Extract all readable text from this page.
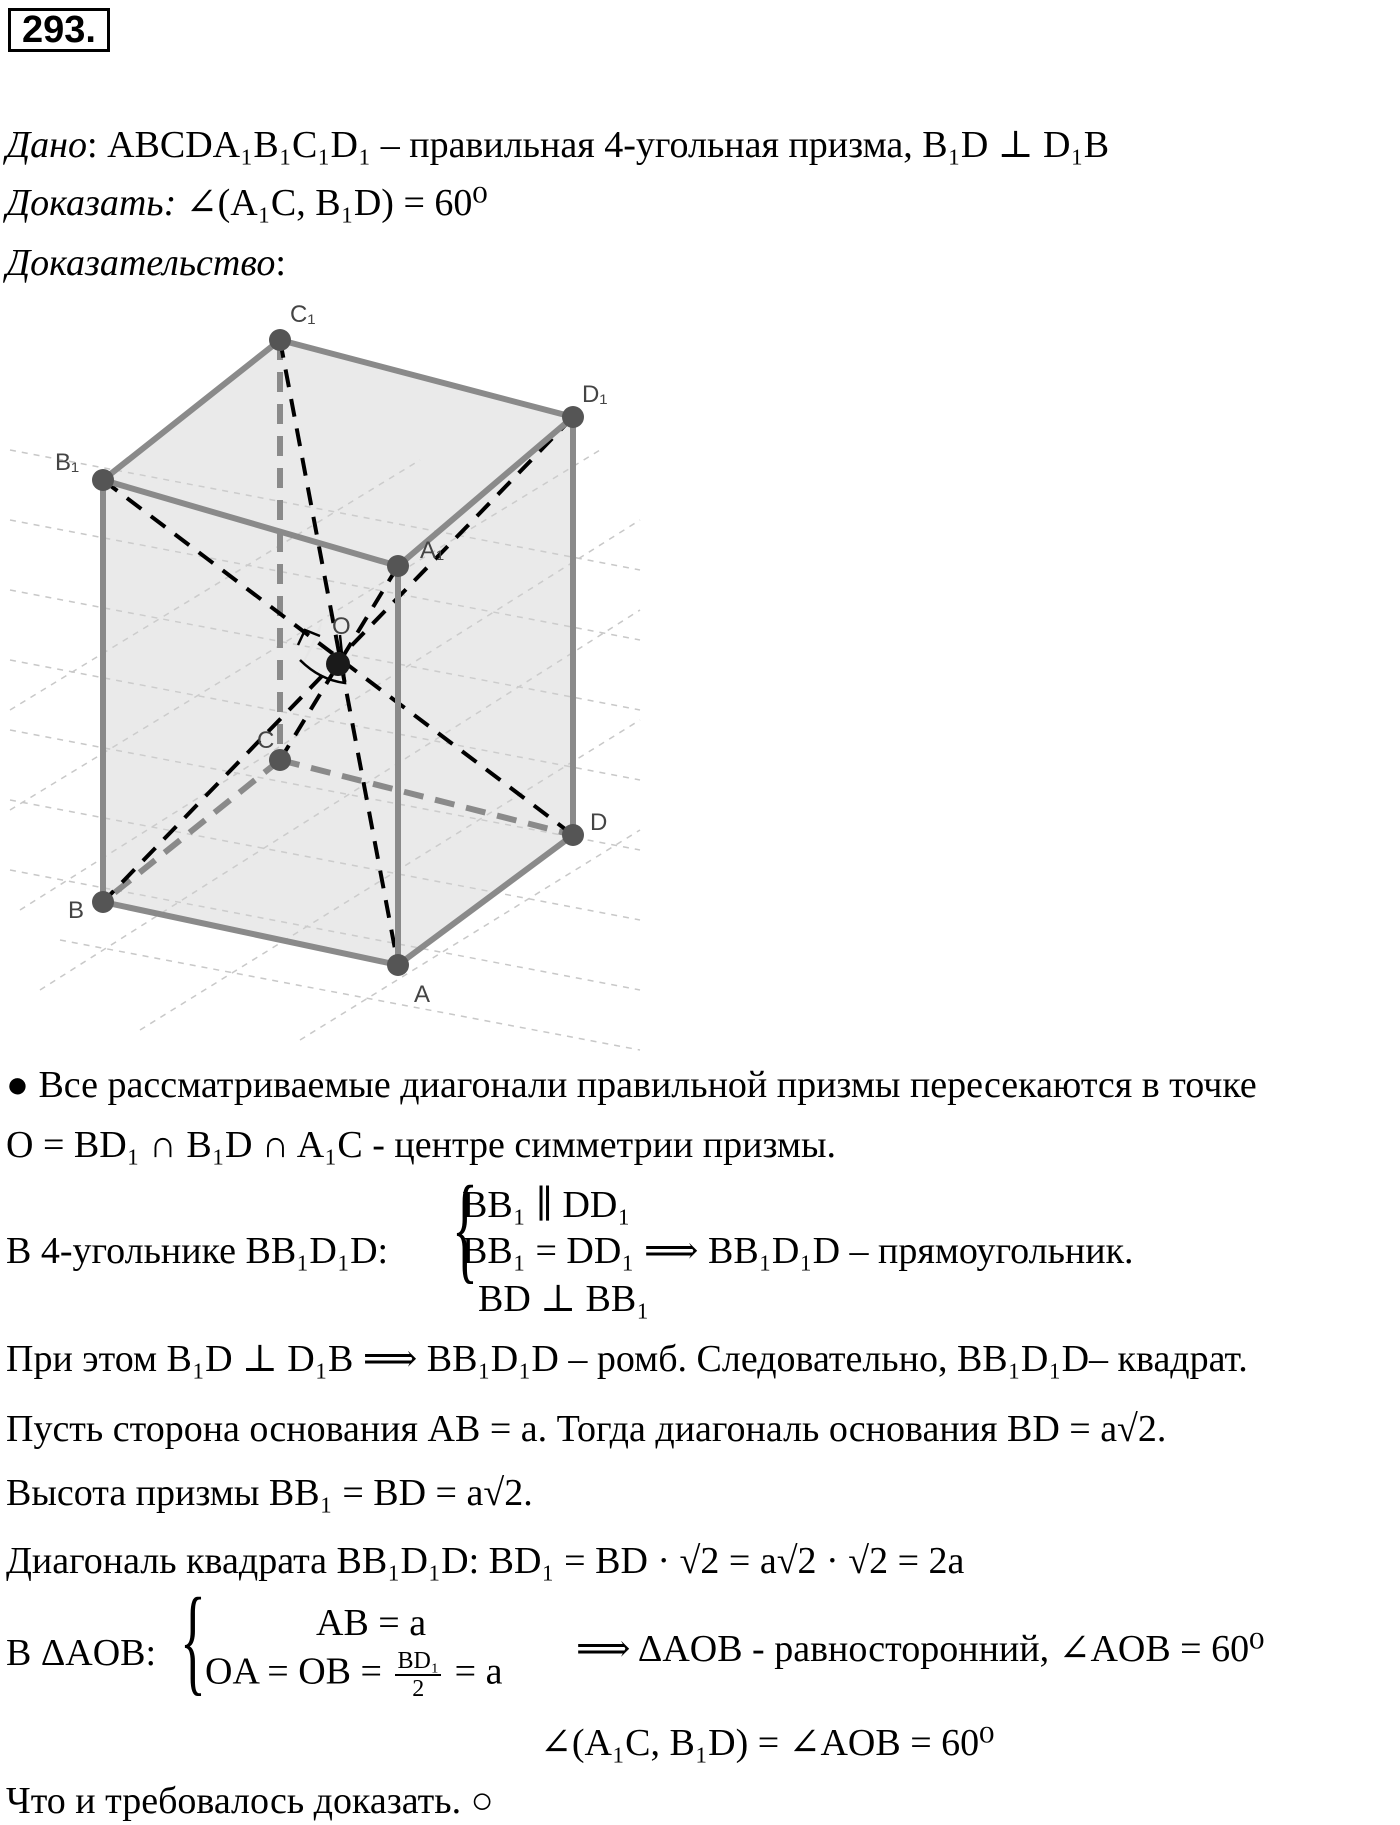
293.
Дано: ABCDA₁B₁C₁D₁ – правильная 4-угольная призма, B₁D ⊥ D₁B
Доказать: ∠(A₁C, B₁D) = 60⁰
Доказательство:
C₁
D₁
B₁
A₁
O
C
D
B
A
● Все рассматриваемые диагонали правильной призмы пересекаются в точке
O = BD₁ ∩ B₁D ∩ A₁C - центре симметрии призмы.
В 4-угольнике BB₁D₁D: {
BB₁ ∥ DD₁
BB₁ = DD₁ ⟹ BB₁D₁D – прямоугольник.
BD ⊥ BB₁
При этом B₁D ⊥ D₁B ⟹ BB₁D₁D – ромб. Следовательно, BB₁D₁D– квадрат.
Пусть сторона основания AB = a. Тогда диагональ основания BD = a√2.
Высота призмы BB₁ = BD = a√2.
Диагональ квадрата BB₁D₁D: BD₁ = BD · √2 = a√2 · √2 = 2a
В ΔAOB: {	AB = a
OA = OB = $\frac{\text{BD₁}}{2} = a$
⟹ ΔAOB - равносторонний, ∠AOB = 60⁰
∠(A₁C, B₁D) = ∠AOB = 60⁰
Что и требовалось доказать. ○
